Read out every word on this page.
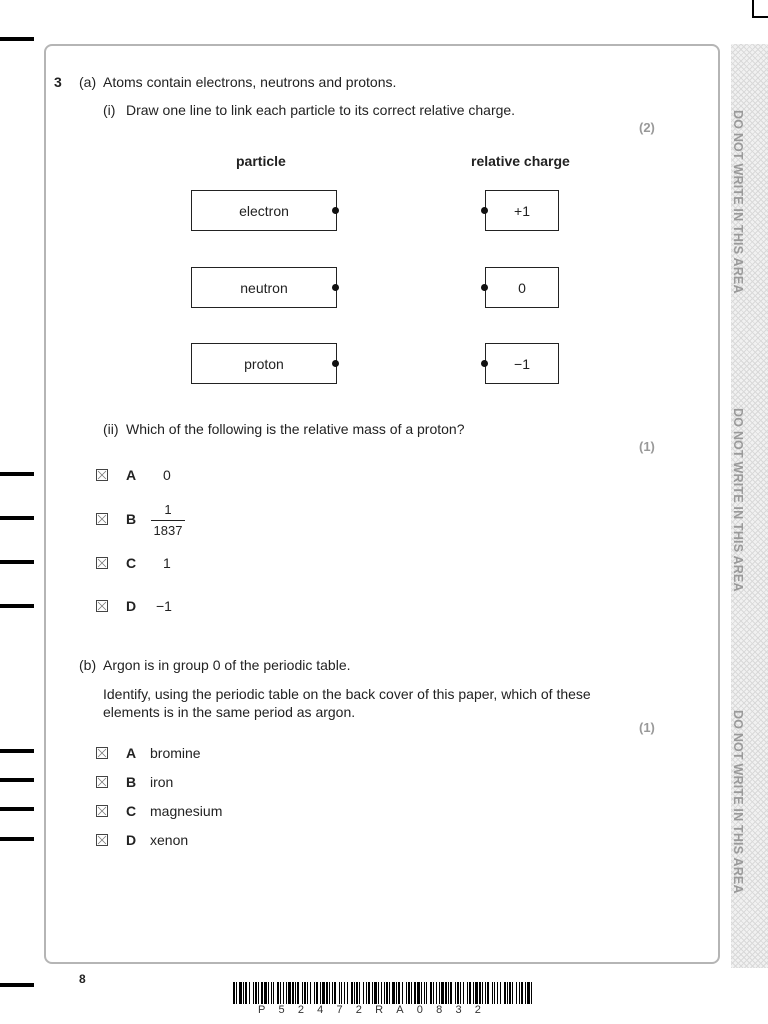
DO NOT WRITE IN THIS AREA
DO NOT WRITE IN THIS AREA
DO NOT WRITE IN THIS AREA
3 (a) Atoms contain electrons, neutrons and protons.
(i) Draw one line to link each particle to its correct relative charge.
(2)
particle	relative charge
electron
neutron
proton
+1
0
−1
(ii) Which of the following is the relative mass of a proton?
(1)
A 0
B
1
1837
C 1
D −1
(b) Argon is in group 0 of the periodic table.
Identify, using the periodic table on the back cover of this paper, which of these
elements is in the same period as argon.
(1)
A bromine
B iron
C magnesium
D xenon
8
P52472RA0832
